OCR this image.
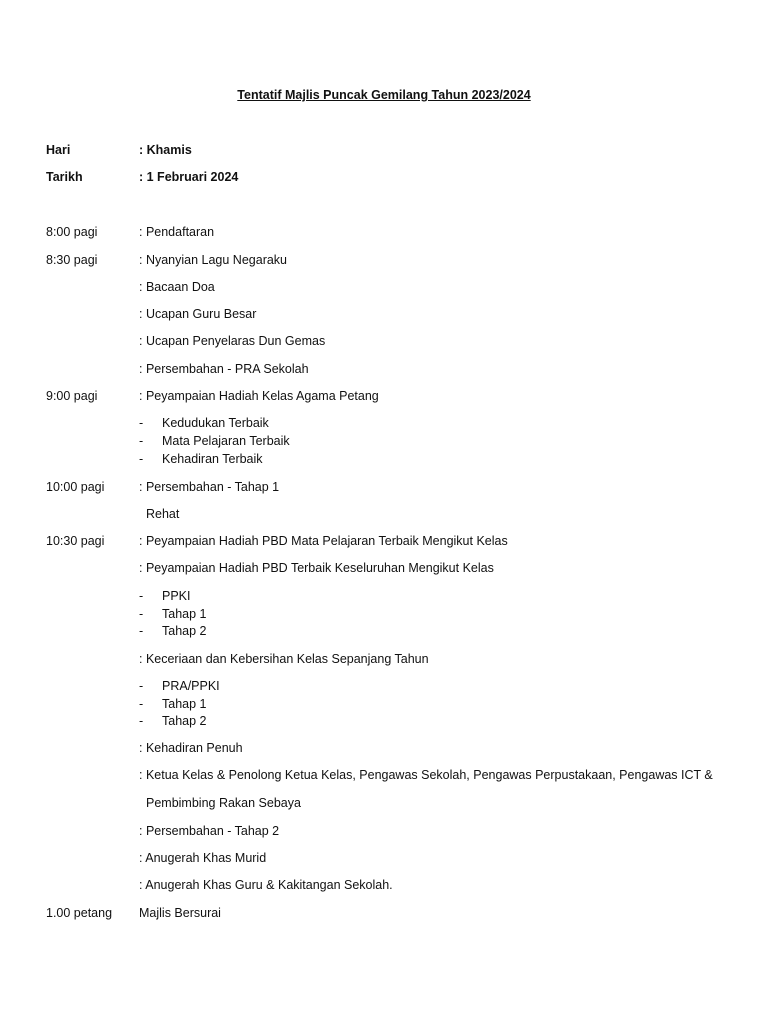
Tentatif Majlis Puncak Gemilang Tahun 2023/2024
Hari	: Khamis
Tarikh	: 1 Februari 2024
8:00 pagi	: Pendaftaran
8:30 pagi	: Nyanyian Lagu Negaraku
: Bacaan Doa
: Ucapan Guru Besar
: Ucapan Penyelaras Dun Gemas
: Persembahan - PRA Sekolah
9:00 pagi	: Peyampaian Hadiah Kelas Agama Petang
- Kedudukan Terbaik
- Mata Pelajaran Terbaik
- Kehadiran Terbaik
10:00 pagi	: Persembahan - Tahap 1
Rehat
10:30 pagi	: Peyampaian Hadiah PBD Mata Pelajaran Terbaik Mengikut Kelas
: Peyampaian Hadiah PBD Terbaik Keseluruhan Mengikut Kelas
- PPKI
- Tahap 1
- Tahap 2
: Keceriaan dan Kebersihan Kelas Sepanjang Tahun
- PRA/PPKI
- Tahap 1
- Tahap 2
: Kehadiran Penuh
: Ketua Kelas & Penolong Ketua Kelas, Pengawas Sekolah, Pengawas Perpustakaan, Pengawas ICT &
Pembimbing Rakan Sebaya
: Persembahan - Tahap 2
: Anugerah Khas Murid
: Anugerah Khas Guru & Kakitangan Sekolah.
1.00 petang Majlis Bersurai
